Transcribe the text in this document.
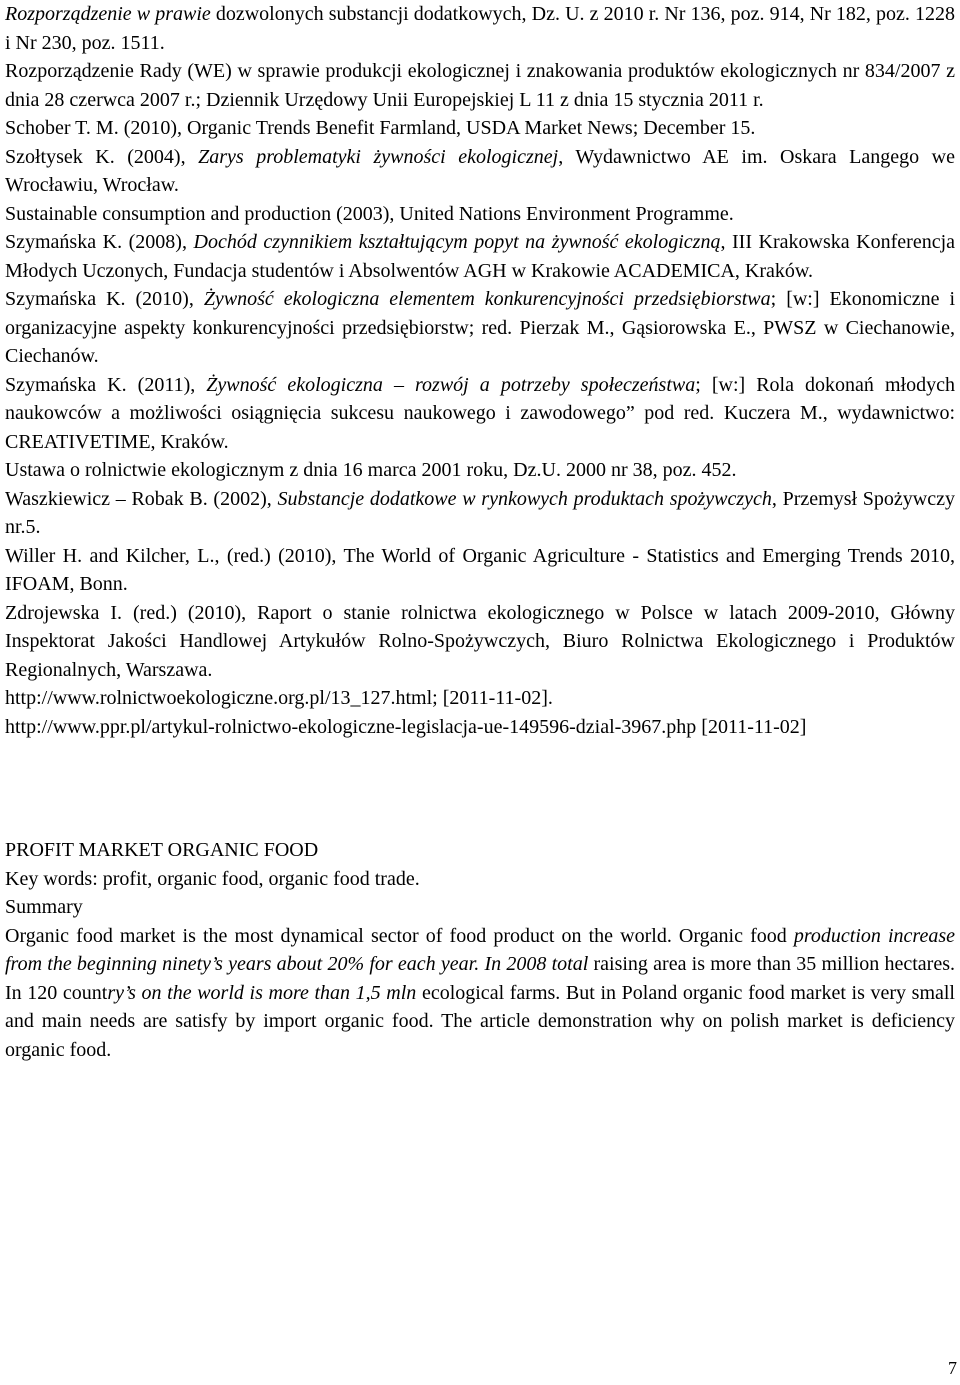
Rozporządzenie w prawie dozwolonych substancji dodatkowych, Dz. U. z 2010 r. Nr 136, poz. 914, Nr 182, poz. 1228 i Nr 230, poz. 1511.

Rozporządzenie Rady (WE) w sprawie produkcji ekologicznej i znakowania produktów ekologicznych nr 834/2007 z dnia 28 czerwca 2007 r.; Dziennik Urzędowy Unii Europejskiej L 11 z dnia 15 stycznia 2011 r.

Schober T. M. (2010), Organic Trends Benefit Farmland, USDA Market News; December 15.

Szołtysek K. (2004), Zarys problematyki żywności ekologicznej, Wydawnictwo AE im. Oskara Langego we Wrocławiu, Wrocław.

Sustainable consumption and production (2003), United Nations Environment Programme.

Szymańska K. (2008), Dochód czynnikiem kształtującym popyt na żywność ekologiczną, III Krakowska Konferencja Młodych Uczonych, Fundacja studentów i Absolwentów AGH w Krakowie ACADEMICA, Kraków.

Szymańska K. (2010), Żywność ekologiczna elementem konkurencyjności przedsiębiorstwa; [w:] Ekonomiczne i organizacyjne aspekty konkurencyjności przedsiębiorstw; red. Pierzak M., Gąsiorowska E., PWSZ w Ciechanowie, Ciechanów.

Szymańska K. (2011), Żywność ekologiczna – rozwój a potrzeby społeczeństwa; [w:] Rola dokonań młodych naukowców a możliwości osiągnięcia sukcesu naukowego i zawodowego” pod red. Kuczera M., wydawnictwo: CREATIVETIME, Kraków.

Ustawa o rolnictwie ekologicznym z dnia 16 marca 2001 roku, Dz.U. 2000 nr 38, poz. 452.

Waszkiewicz – Robak B. (2002), Substancje dodatkowe w rynkowych produktach spożywczych, Przemysł Spożywczy nr.5.

Willer H. and Kilcher, L., (red.) (2010), The World of Organic Agriculture - Statistics and Emerging Trends 2010, IFOAM, Bonn.

Zdrojewska I. (red.) (2010), Raport o stanie rolnictwa ekologicznego w Polsce w latach 2009-2010, Główny Inspektorat Jakości Handlowej Artykułów Rolno-Spożywczych, Biuro Rolnictwa Ekologicznego i Produktów Regionalnych, Warszawa.

http://www.rolnictwoekologiczne.org.pl/13_127.html; [2011-11-02].

http://www.ppr.pl/artykul-rolnictwo-ekologiczne-legislacja-ue-149596-dzial-3967.php [2011-11-02]

PROFIT MARKET ORGANIC FOOD

Key words: profit, organic food, organic food trade.

Summary

Organic food market is the most dynamical sector of food product on the world. Organic food production increase from the beginning ninety’s years about 20% for each year. In 2008 total raising area is more than 35 million hectares. In 120 country’s on the world is more than 1,5 mln ecological farms. But in Poland organic food market is very small and main needs are satisfy by import organic food. The article demonstration why on polish market is deficiency organic food.

7
